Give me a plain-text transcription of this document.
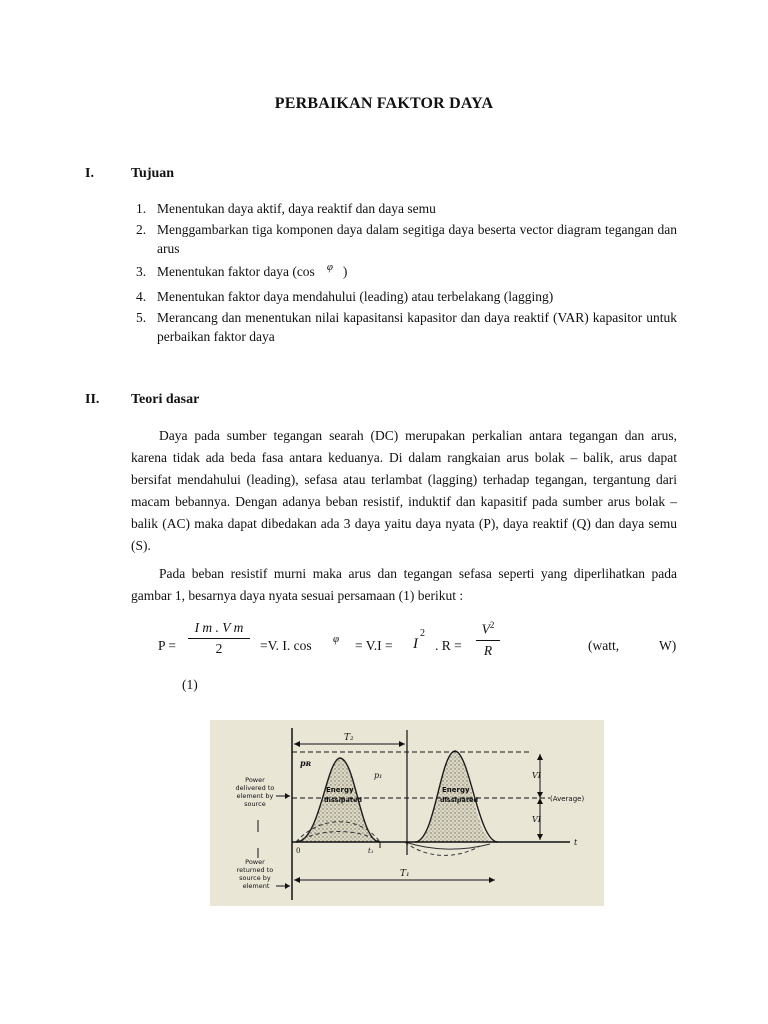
PERBAIKAN FAKTOR DAYA
I.	Tujuan
1. Menentukan daya aktif, daya reaktif dan daya semu
2. Menggambarkan tiga komponen daya dalam segitiga daya beserta vector diagram tegangan dan arus
3. Menentukan faktor daya (cos $^\varphi$ )
4. Menentukan faktor daya mendahului (leading) atau terbelakang (lagging)
5. Merancang dan menentukan nilai kapasitansi kapasitor dan daya reaktif (VAR) kapasitor untuk perbaikan faktor daya
II. Teori dasar

Daya pada sumber tegangan searah (DC) merupakan perkalian antara tegangan dan arus, karena tidak ada beda fasa antara keduanya. Di dalam rangkaian arus bolak – balik, arus dapat bersifat mendahului (leading), sefasa atau terlambat (lagging) terhadap tegangan, tergantung dari macam bebannya. Dengan adanya beban resistif, induktif dan kapasitif pada sumber arus bolak – balik (AC) maka dapat dibedakan ada 3 daya yaitu daya nyata (P), daya reaktif (Q) dan daya semu (S).

Pada beban resistif murni maka arus dan tegangan sefasa seperti yang diperlihatkan pada gambar 1, besarnya daya nyata sesuai persamaan (1) berikut :

P =
I m . V m
2	=V. I. cos φ = V.I = I
2
. R =
$V^2$
R	(watt,	W)
(1)
T₂
T₁
t₁
0
pʀ
p₁
t
Energy
dissipated
Energy
dissipated	(Average)
VI
VI
Power delivered to element by source Power returned to source by element
